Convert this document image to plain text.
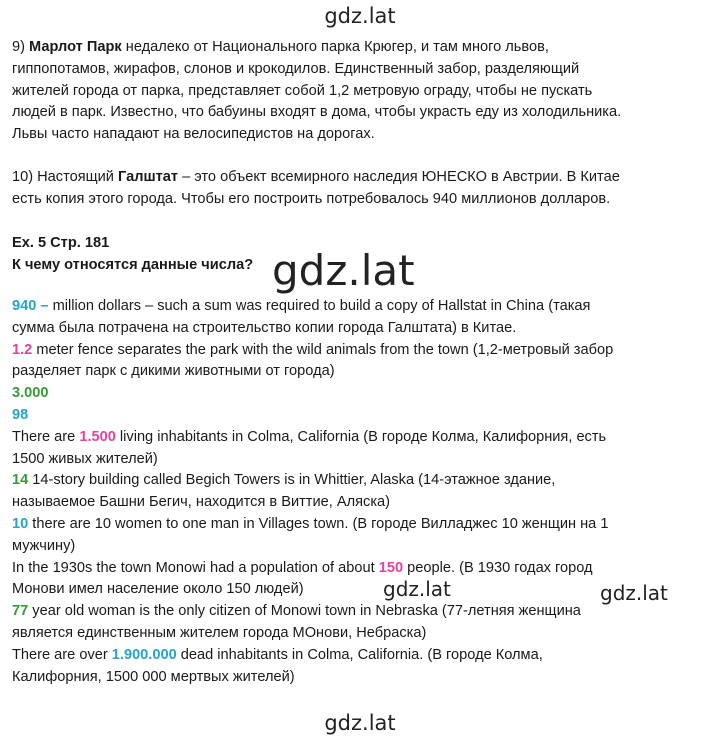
gdz.lat
9) Марлот Парк недалеко от Национального парка Крюгер, и там много львов,
гиппопотамов, жирафов, слонов и крокодилов. Единственный забор, разделяющий
жителей города от парка, представляет собой 1,2 метровую ограду, чтобы не пускать
людей в парк. Известно, что бабуины входят в дома, чтобы украсть еду из холодильника.
Львы часто нападают на велосипедистов на дорогах.
10) Настоящий Галштат – это объект всемирного наследия ЮНЕСКО в Австрии. В Китае
есть копия этого города. Чтобы его построить потребовалось 940 миллионов долларов.
Ex. 5 Стр. 181
К чему относятся данные числа? gdz.lat
940 – million dollars – such a sum was required to build a copy of Hallstat in China (такая
сумма была потрачена на строительство копии города Галштата) в Китае.
1.2 meter fence separates the park with the wild animals from the town (1,2-метровый забор
разделяет парк с дикими животными от города)
3.000
98
There are 1.500 living inhabitants in Colma, California (В городе Колма, Калифорния, есть
1500 живых жителей)
14 14-story building called Begich Towers is in Whittier, Alaska (14-этажное здание,
называемое Башни Бегич, находится в Виттие, Аляска)
10 there are 10 women to one man in Villages town. (В городе Вилладжес 10 женщин на 1
мужчину)
In the 1930s the town Monowi had a population of about 150 people. (В 1930 годах город
Монови имел население около 150 людей)
77 year old woman is the only citizen of Monowi town in Nebraska (77-летняя женщина
является единственным жителем города МОнови, Небраска)
There are over 1.900.000 dead inhabitants in Colma, California. (В городе Колма,
Калифорния, 1500 000 мертвых жителей)
gdz.lat	gdz.lat
gdz.lat
